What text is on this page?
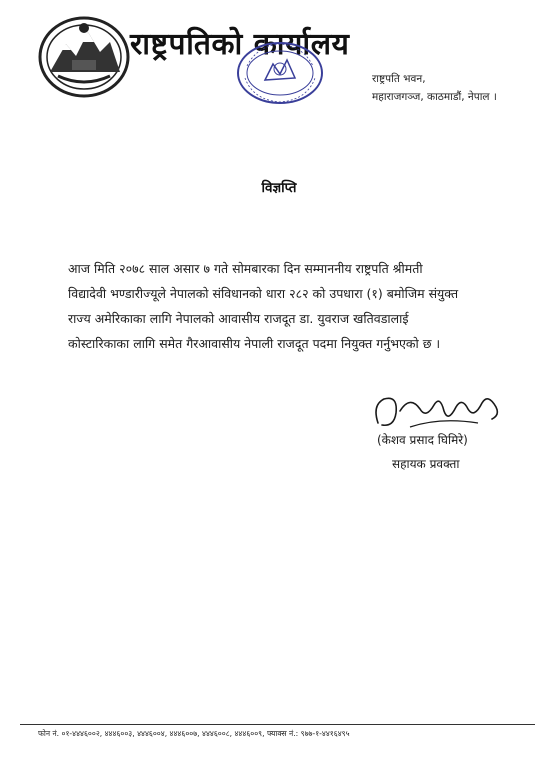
राष्ट्रपतिको कार्यालय
राष्ट्रपति भवन,
महाराजगञ्ज, काठमाडौं, नेपाल ।
विज्ञप्ति

आज मिति २०७८ साल असार ७ गते सोमबारका दिन सम्माननीय राष्ट्रपति श्रीमती

विद्यादेवी भण्डारीज्यूले नेपालको संविधानको धारा २८२ को उपधारा (१) बमोजिम संयुक्त

राज्य अमेरिकाका लागि नेपालको आवासीय राजदूत डा. युवराज खतिवडालाई

कोस्टारिकाका लागि समेत गैरआवासीय नेपाली राजदूत पदमा नियुक्त गर्नुभएको छ ।

(केशव प्रसाद घिमिरे)
सहायक प्रवक्ता
फोन नं. ०१-४४४६००२, ४४४६००३, ४४४६००४, ४४४६००७, ४४४६००८, ४४४६००९, फ्याक्स नं.: ९७७-१-४४१६४९५
